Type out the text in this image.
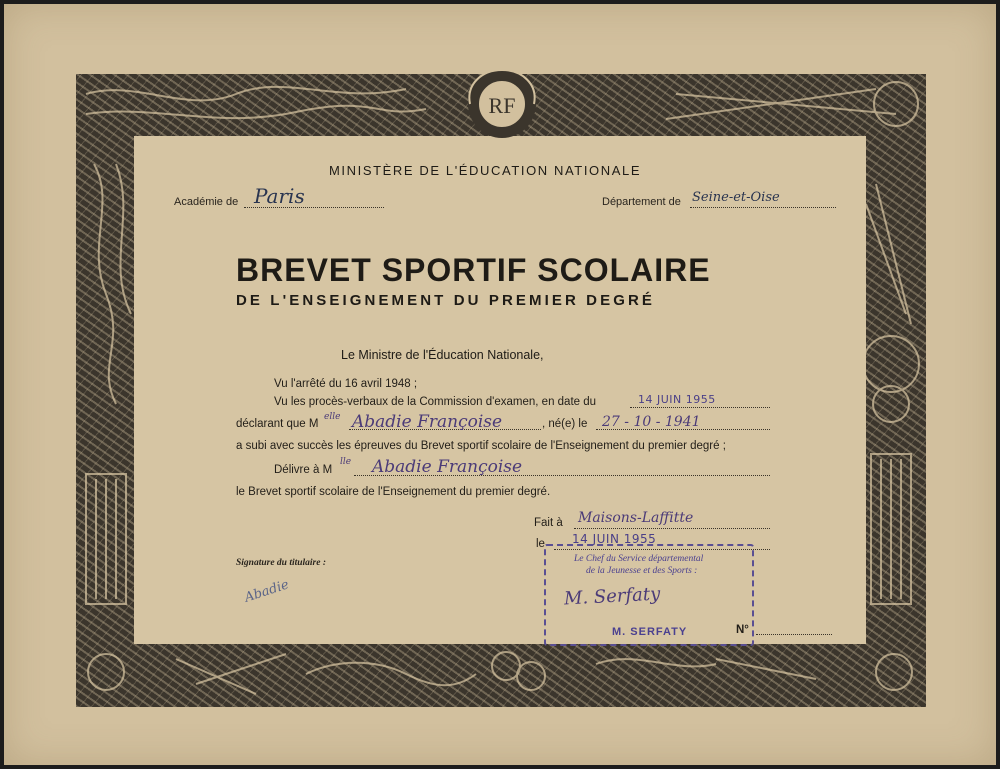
RF
MINISTÈRE DE L'ÉDUCATION NATIONALE
Académie de Paris	Département de Seine-et-Oise
BREVET SPORTIF SCOLAIRE
DE L'ENSEIGNEMENT DU PREMIER DEGRÉ
Le Ministre de l'Éducation Nationale,
Vu l'arrêté du 16 avril 1948 ;
Vu les procès-verbaux de la Commission d'examen, en date du	14 JUIN 1955
déclarant que M
elle Abadie Françoise	, né(e) le 27 - 10 - 1941
a subi avec succès les épreuves du Brevet sportif scolaire de l'Enseignement du premier degré ;
Délivre à M
lle Abadie Françoise
le Brevet sportif scolaire de l'Enseignement du premier degré.
Fait à Maisons-Laffitte
le 14 JUIN 1955
Signature du titulaire :
Abadie
Le Chef du Service départemental
de la Jeunesse et des Sports :
M. Serfaty
M. SERFATY	N°
